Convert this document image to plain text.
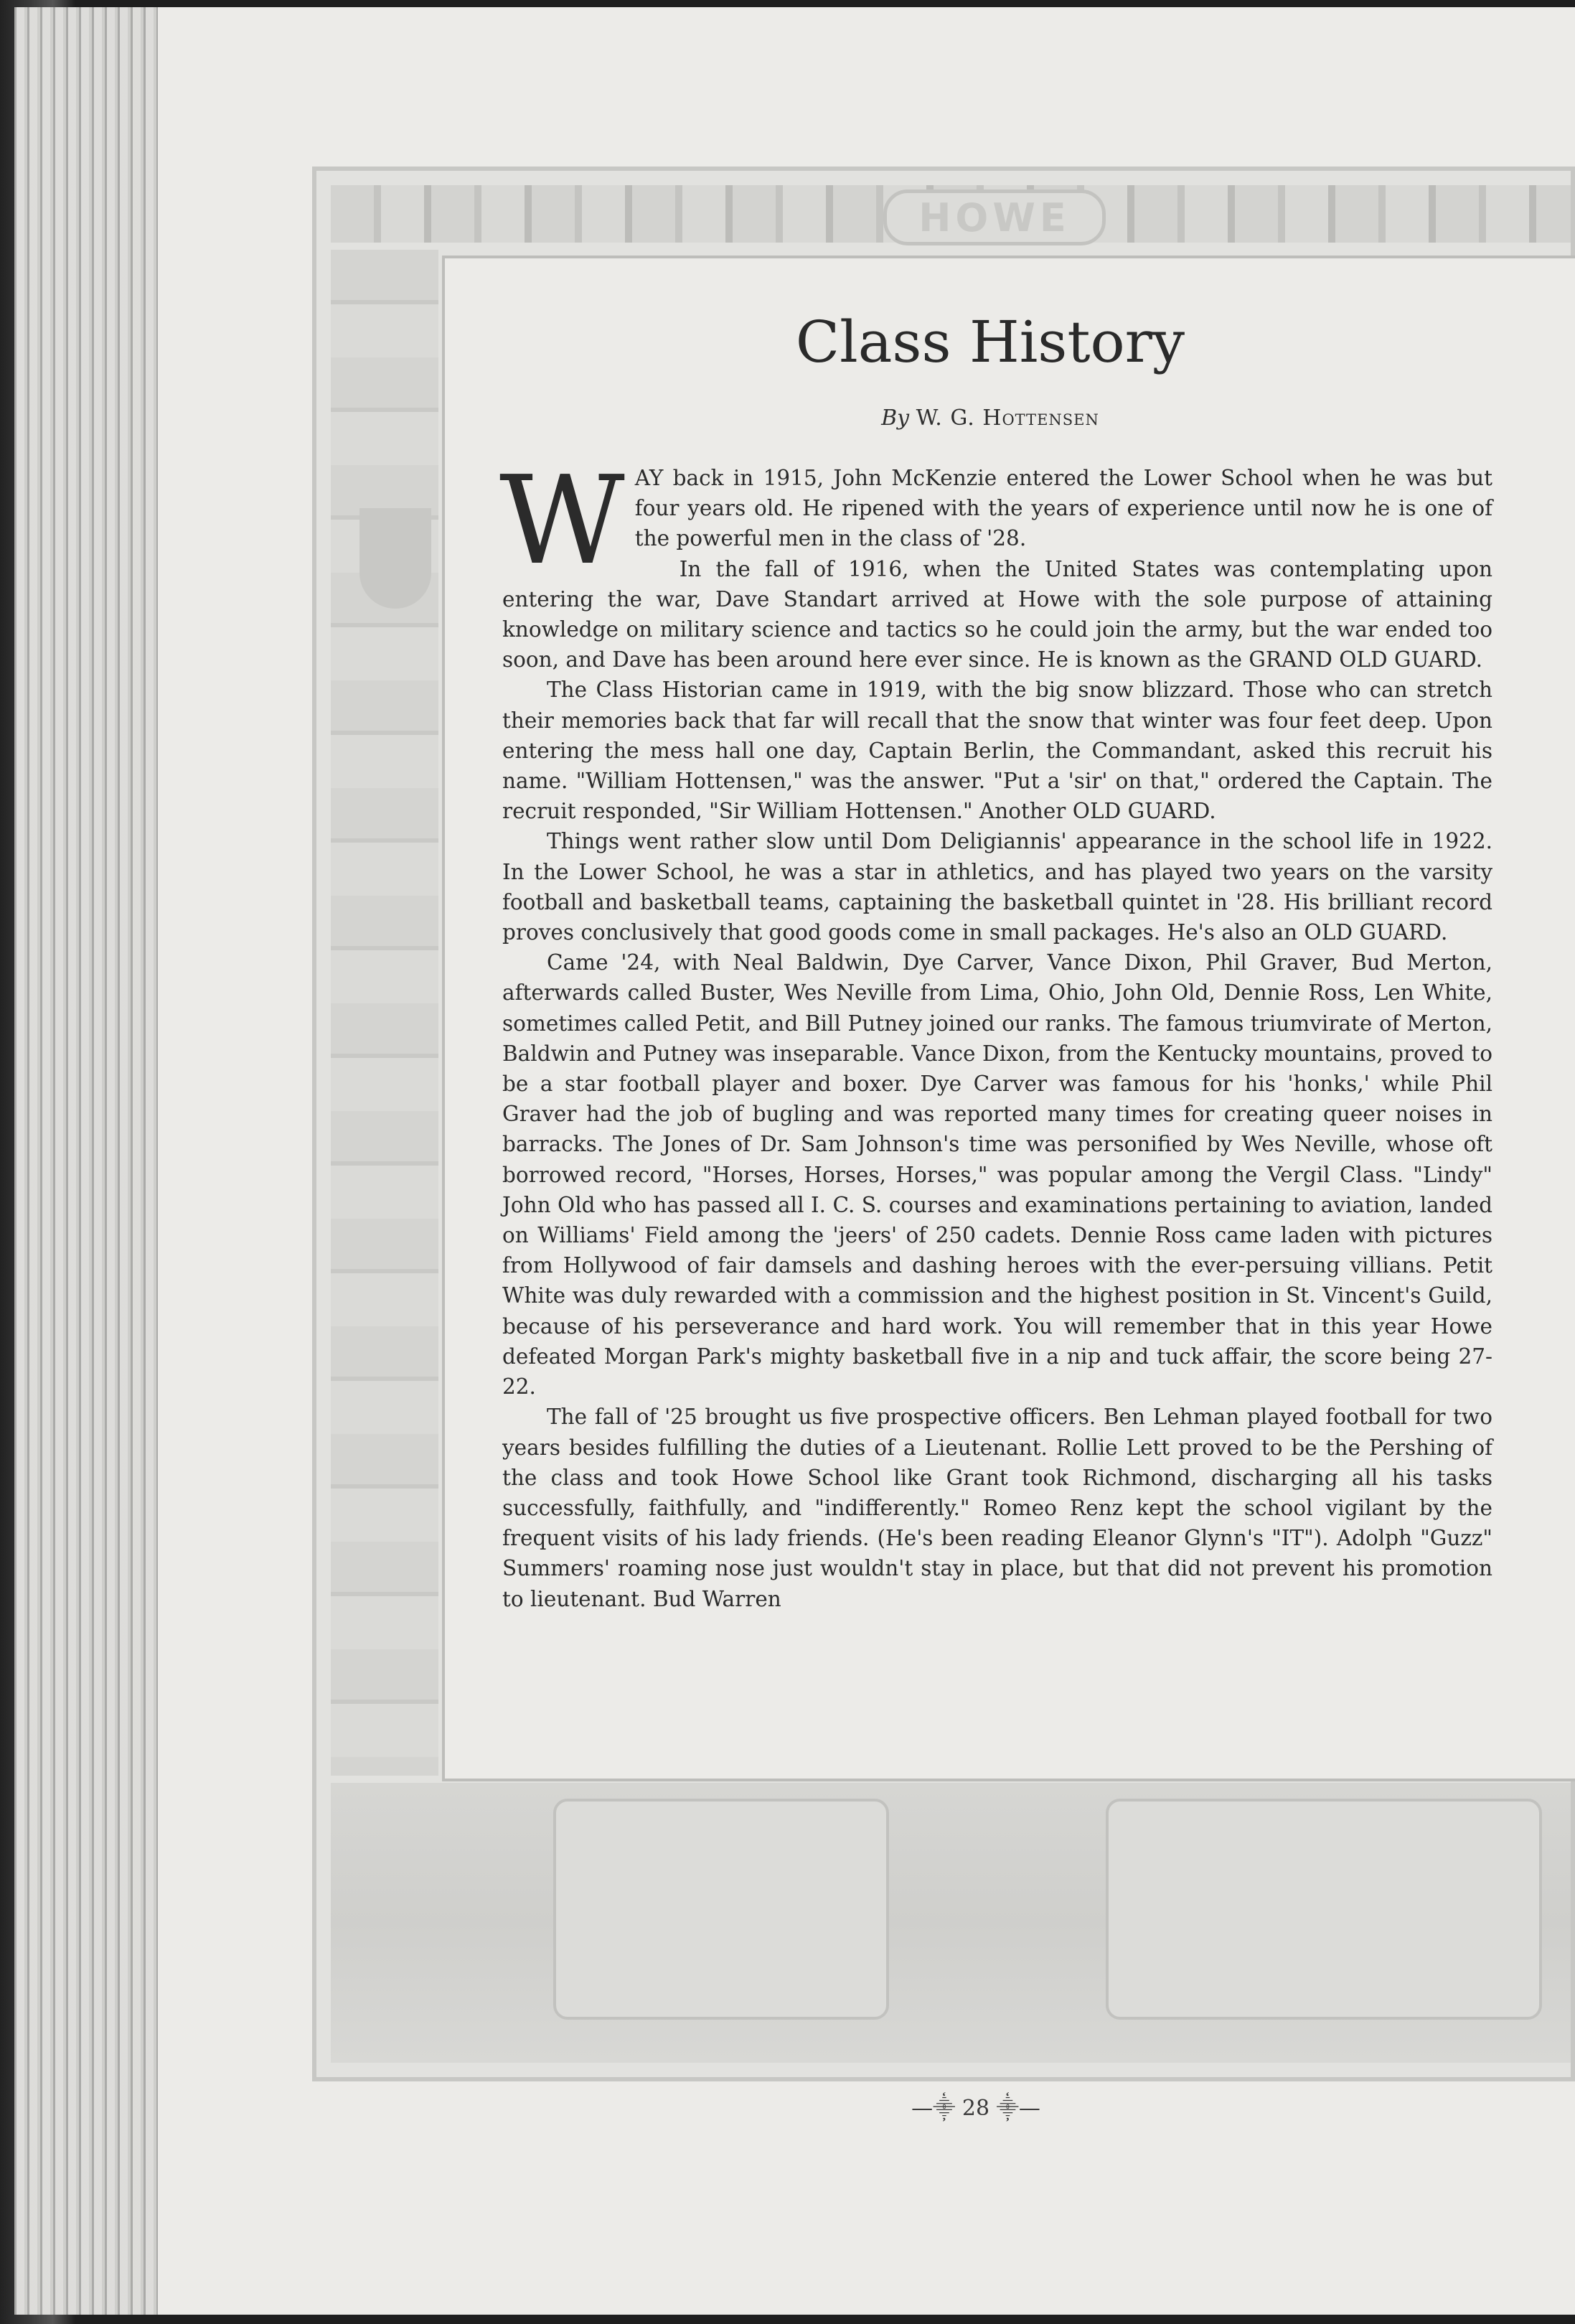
HOWE
Class History
By W. G. Hottensen

WAY back in 1915, John McKenzie entered the Lower School when he was but four years old. He ripened with the years of experience until now he is one of the powerful men in the class of '28.

In the fall of 1916, when the United States was contemplating upon entering the war, Dave Standart arrived at Howe with the sole purpose of attaining knowledge on military science and tactics so he could join the army, but the war ended too soon, and Dave has been around here ever since. He is known as the GRAND OLD GUARD.

The Class Historian came in 1919, with the big snow blizzard. Those who can stretch their memories back that far will recall that the snow that winter was four feet deep. Upon entering the mess hall one day, Captain Berlin, the Commandant, asked this recruit his name. "William Hottensen," was the answer. "Put a 'sir' on that," ordered the Captain. The recruit responded, "Sir William Hottensen." Another OLD GUARD.

Things went rather slow until Dom Deligiannis' appearance in the school life in 1922. In the Lower School, he was a star in athletics, and has played two years on the varsity football and basketball teams, captaining the basketball quintet in '28. His brilliant record proves conclusively that good goods come in small packages. He's also an OLD GUARD.

Came '24, with Neal Baldwin, Dye Carver, Vance Dixon, Phil Graver, Bud Merton, afterwards called Buster, Wes Neville from Lima, Ohio, John Old, Dennie Ross, Len White, sometimes called Petit, and Bill Putney joined our ranks. The famous triumvirate of Merton, Baldwin and Putney was inseparable. Vance Dixon, from the Kentucky mountains, proved to be a star football player and boxer. Dye Carver was famous for his 'honks,' while Phil Graver had the job of bugling and was reported many times for creating queer noises in barracks. The Jones of Dr. Sam Johnson's time was personified by Wes Neville, whose oft borrowed record, "Horses, Horses, Horses," was popular among the Vergil Class. "Lindy" John Old who has passed all I. C. S. courses and examinations pertaining to aviation, landed on Williams' Field among the 'jeers' of 250 cadets. Dennie Ross came laden with pictures from Hollywood of fair damsels and dashing heroes with the ever-persuing villians. Petit White was duly rewarded with a commission and the highest position in St. Vincent's Guild, because of his perseverance and hard work. You will remember that in this year Howe defeated Morgan Park's mighty basketball five in a nip and tuck affair, the score being 27-22.

The fall of '25 brought us five prospective officers. Ben Lehman played football for two years besides fulfilling the duties of a Lieutenant. Rollie Lett proved to be the Pershing of the class and took Howe School like Grant took Richmond, discharging all his tasks successfully, faithfully, and "indifferently." Romeo Renz kept the school vigilant by the frequent visits of his lady friends. (He's been reading Eleanor Glynn's "IT"). Adolph "Guzz" Summers' roaming nose just wouldn't stay in place, but that did not prevent his promotion to lieutenant. Bud Warren

—⸎ 28 ⸎—
